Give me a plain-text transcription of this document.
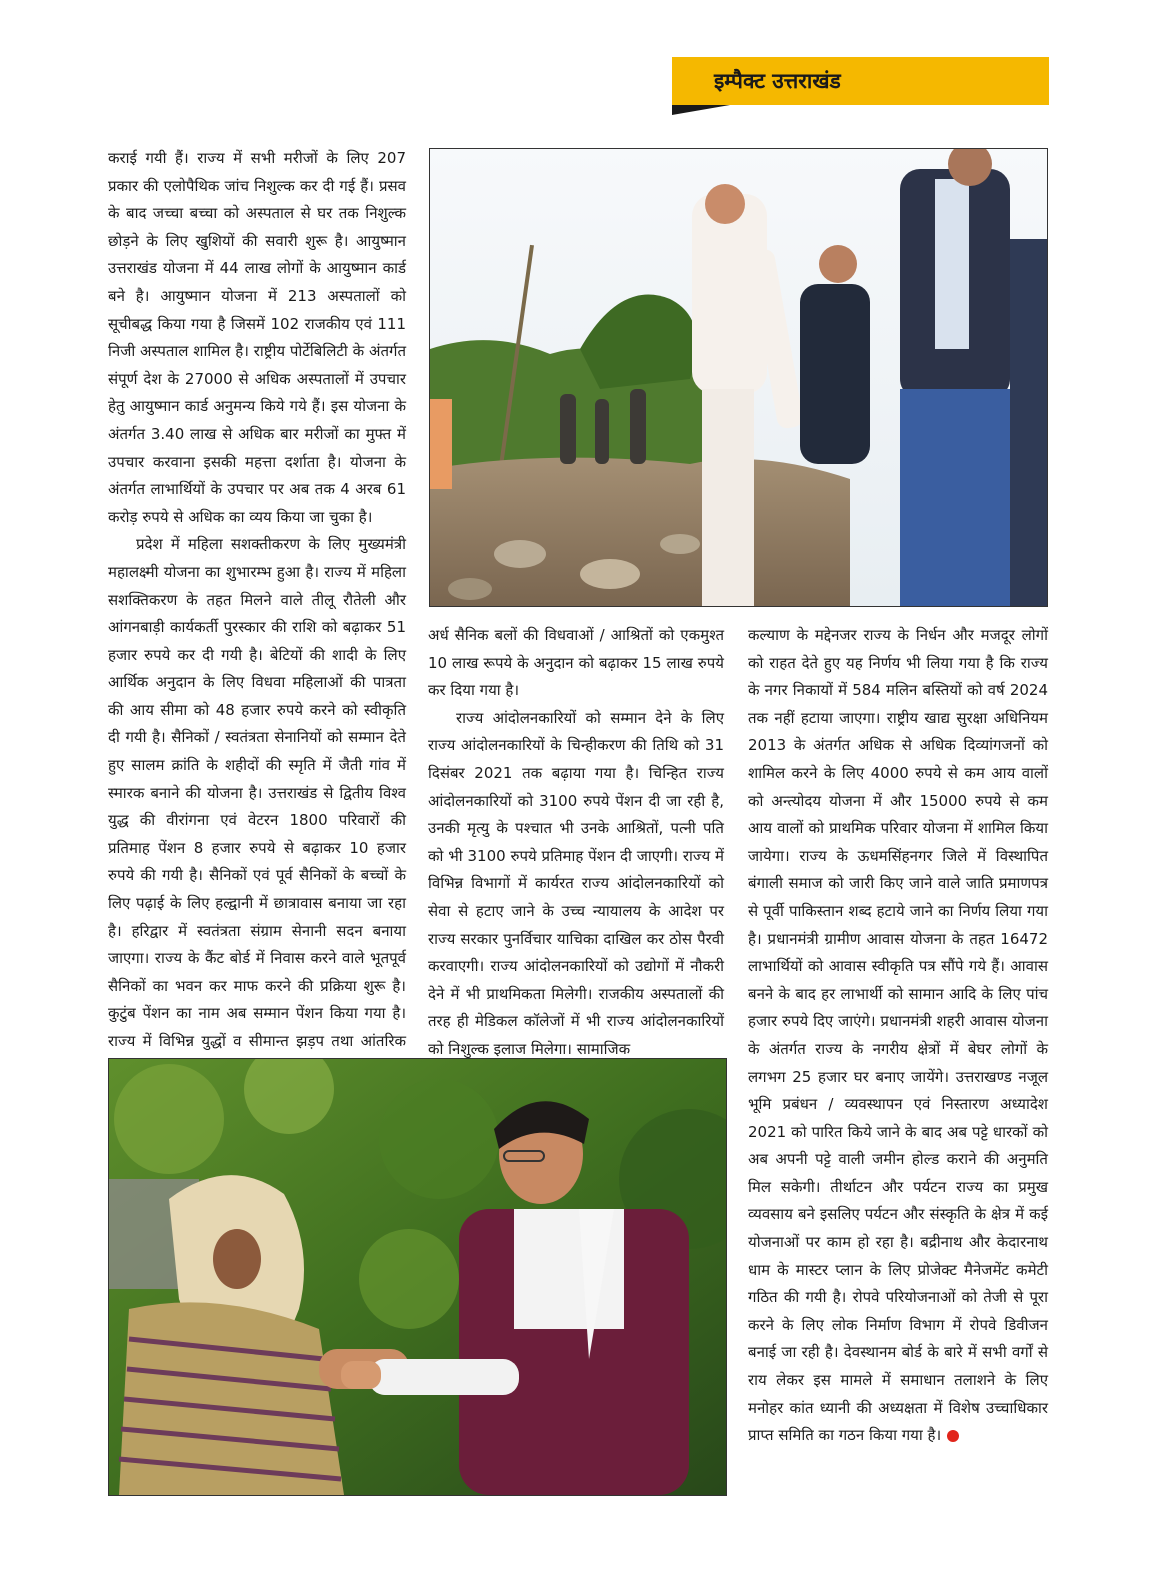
इम्पैक्ट उत्तराखंड

कराई गयी हैं। राज्य में सभी मरीजों के लिए 207 प्रकार की एलोपैथिक जांच निशुल्क कर दी गई हैं। प्रसव के बाद जच्चा बच्चा को अस्पताल से घर तक निशुल्क छोड़ने के लिए खुशियों की सवारी शुरू है। आयुष्मान उत्तराखंड योजना में 44 लाख लोगों के आयुष्मान कार्ड बने है। आयुष्मान योजना में 213 अस्पतालों को सूचीबद्ध किया गया है जिसमें 102 राजकीय एवं 111 निजी अस्पताल शामिल है। राष्ट्रीय पोर्टेबिलिटी के अंतर्गत संपूर्ण देश के 27000 से अधिक अस्पतालों में उपचार हेतु आयुष्मान कार्ड अनुमन्य किये गये हैं। इस योजना के अंतर्गत 3.40 लाख से अधिक बार मरीजों का मुफ्त में उपचार करवाना इसकी महत्ता दर्शाता है। योजना के अंतर्गत लाभार्थियों के उपचार पर अब तक 4 अरब 61 करोड़ रुपये से अधिक का व्यय किया जा चुका है।

प्रदेश में महिला सशक्तीकरण के लिए मुख्यमंत्री महालक्ष्मी योजना का शुभारम्भ हुआ है। राज्य में महिला सशक्तिकरण के तहत मिलने वाले तीलू रौतेली और आंगनबाड़ी कार्यकर्ती पुरस्कार की राशि को बढ़ाकर 51 हजार रुपये कर दी गयी है। बेटियों की शादी के लिए आर्थिक अनुदान के लिए विधवा महिलाओं की पात्रता की आय सीमा को 48 हजार रुपये करने को स्वीकृति दी गयी है। सैनिकों / स्वतंत्रता सेनानियों को सम्मान देते हुए सालम क्रांति के शहीदों की स्मृति में जैती गांव में स्मारक बनाने की योजना है। उत्तराखंड से द्वितीय विश्व युद्ध की वीरांगना एवं वेटरन 1800 परिवारों की प्रतिमाह पेंशन 8 हजार रुपये से बढ़ाकर 10 हजार रुपये की गयी है। सैनिकों एवं पूर्व सैनिकों के बच्चों के लिए पढ़ाई के लिए हल्द्वानी में छात्रावास बनाया जा रहा है। हरिद्वार में स्वतंत्रता संग्राम सेनानी सदन बनाया जाएगा। राज्य के कैंट बोर्ड में निवास करने वाले भूतपूर्व सैनिकों का भवन कर माफ करने की प्रक्रिया शुरू है। कुटुंब पेंशन का नाम अब सम्मान पेंशन किया गया है। राज्य में विभिन्न युद्धों व सीमान्त झड़प तथा आंतरिक

अर्ध सैनिक बलों की विधवाओं / आश्रितों को एकमुश्त 10 लाख रूपये के अनुदान को बढ़ाकर 15 लाख रुपये कर दिया गया है।

राज्य आंदोलनकारियों को सम्मान देने के लिए राज्य आंदोलनकारियों के चिन्हीकरण की तिथि को 31 दिसंबर 2021 तक बढ़ाया गया है। चिन्हित राज्य आंदोलनकारियों को 3100 रुपये पेंशन दी जा रही है, उनकी मृत्यु के पश्चात भी उनके आश्रितों, पत्नी पति को भी 3100 रुपये प्रतिमाह पेंशन दी जाएगी। राज्य में विभिन्न विभागों में कार्यरत राज्य आंदोलनकारियों को सेवा से हटाए जाने के उच्च न्यायालय के आदेश पर राज्य सरकार पुनर्विचार याचिका दाखिल कर ठोस पैरवी करवाएगी। राज्य आंदोलनकारियों को उद्योगों में नौकरी देने में भी प्राथमिकता मिलेगी। राजकीय अस्पतालों की तरह ही मेडिकल कॉलेजों में भी राज्य आंदोलनकारियों को निशुल्क इलाज मिलेगा। सामाजिक

कल्याण के मद्देनजर राज्य के निर्धन और मजदूर लोगों को राहत देते हुए यह निर्णय भी लिया गया है कि राज्य के नगर निकायों में 584 मलिन बस्तियों को वर्ष 2024 तक नहीं हटाया जाएगा। राष्ट्रीय खाद्य सुरक्षा अधिनियम 2013 के अंतर्गत अधिक से अधिक दिव्यांगजनों को शामिल करने के लिए 4000 रुपये से कम आय वालों को अन्त्योदय योजना में और 15000 रुपये से कम आय वालों को प्राथमिक परिवार योजना में शामिल किया जायेगा। राज्य के ऊधमसिंहनगर जिले में विस्थापित बंगाली समाज को जारी किए जाने वाले जाति प्रमाणपत्र से पूर्वी पाकिस्तान शब्द हटाये जाने का निर्णय लिया गया है। प्रधानमंत्री ग्रामीण आवास योजना के तहत 16472 लाभार्थियों को आवास स्वीकृति पत्र सौंपे गये हैं। आवास बनने के बाद हर लाभार्थी को सामान आदि के लिए पांच हजार रुपये दिए जाएंगे। प्रधानमंत्री शहरी आवास योजना के अंतर्गत राज्य के नगरीय क्षेत्रों में बेघर लोगों के लगभग 25 हजार घर बनाए जायेंगे। उत्तराखण्ड नजूल भूमि प्रबंधन / व्यवस्थापन एवं निस्तारण अध्यादेश 2021 को पारित किये जाने के बाद अब पट्टे धारकों को अब अपनी पट्टे वाली जमीन होल्ड कराने की अनुमति मिल सकेगी। तीर्थाटन और पर्यटन राज्य का प्रमुख व्यवसाय बने इसलिए पर्यटन और संस्कृति के क्षेत्र में कई योजनाओं पर काम हो रहा है। बद्रीनाथ और केदारनाथ धाम के मास्टर प्लान के लिए प्रोजेक्ट मैनेजमेंट कमेटी गठित की गयी है। रोपवे परियोजनाओं को तेजी से पूरा करने के लिए लोक निर्माण विभाग में रोपवे डिवीजन बनाई जा रही है। देवस्थानम बोर्ड के बारे में सभी वर्गों से राय लेकर इस मामले में समाधान तलाशने के लिए मनोहर कांत ध्यानी की अध्यक्षता में विशेष उच्चाधिकार प्राप्त समिति का गठन किया गया है।
